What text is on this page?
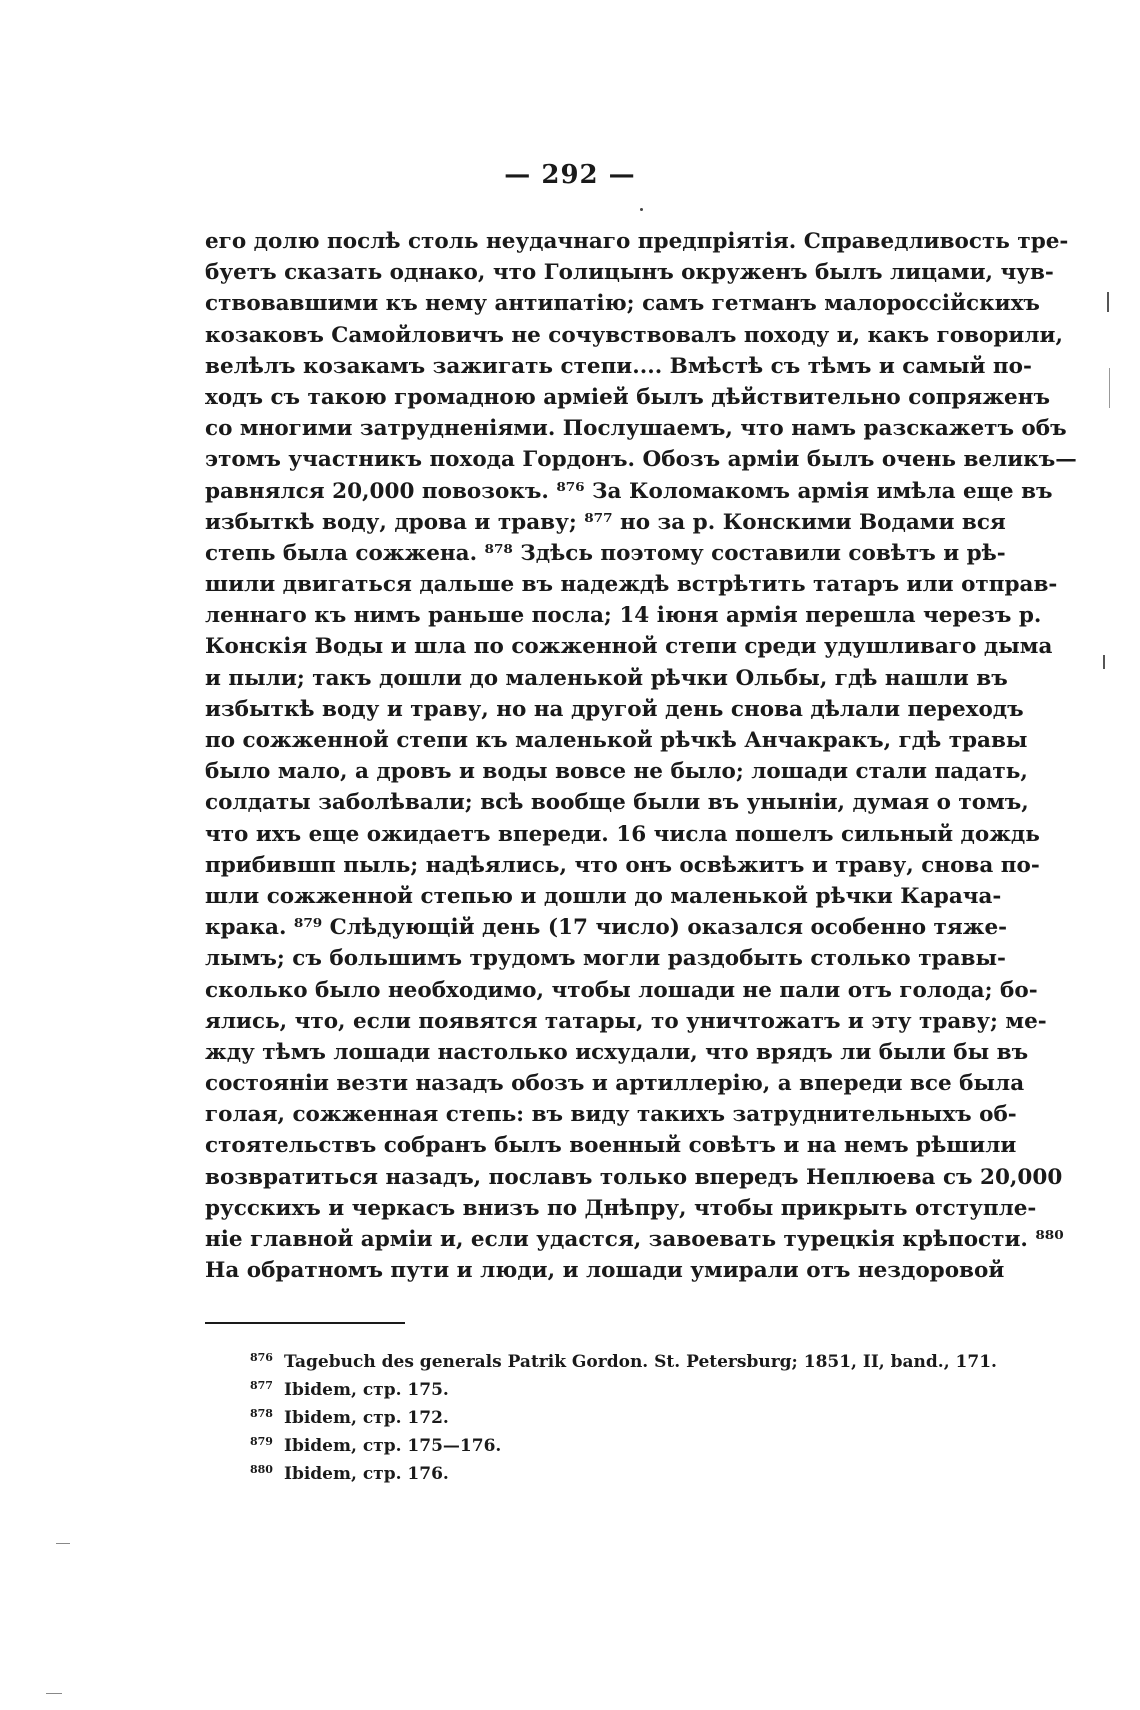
— 292 —
его долю послѣ столь неудачнаго предпріятія. Справедливость тре-
буетъ сказать однако, что Голицынъ окруженъ былъ лицами, чув-
ствовавшими къ нему антипатію; самъ гетманъ малороссійскихъ
козаковъ Самойловичъ не сочувствовалъ походу и, какъ говорили,
велѣлъ козакамъ зажигать степи.... Вмѣстѣ съ тѣмъ и самый по-
ходъ съ такою громадною арміей былъ дѣйствительно сопряженъ
со многими затрудненіями. Послушаемъ, что намъ разскажетъ объ
этомъ участникъ похода Гордонъ. Обозъ арміи былъ очень великъ—
равнялся 20,000 повозокъ. ⁸⁷⁶ За Коломакомъ армія имѣла еще въ
избыткѣ воду, дрова и траву; ⁸⁷⁷ но за р. Конскими Водами вся
степь была сожжена. ⁸⁷⁸ Здѣсь поэтому составили совѣтъ и рѣ-
шили двигаться дальше въ надеждѣ встрѣтить татаръ или отправ-
леннаго къ нимъ раньше посла; 14 іюня армія перешла черезъ р.
Конскія Воды и шла по сожженной степи среди удушливаго дыма
и пыли; такъ дошли до маленькой рѣчки Ольбы, гдѣ нашли въ
избыткѣ воду и траву, но на другой день снова дѣлали переходъ
по сожженной степи къ маленькой рѣчкѣ Анчакракъ, гдѣ травы
было мало, а дровъ и воды вовсе не было; лошади стали падать,
солдаты заболѣвали; всѣ вообще были въ уныніи, думая о томъ,
что ихъ еще ожидаетъ впереди. 16 числа пошелъ сильный дождь
прибившп пыль; надѣялись, что онъ освѣжитъ и траву, снова по-
шли сожженной степью и дошли до маленькой рѣчки Карача-
крака. ⁸⁷⁹ Слѣдующій день (17 число) оказался особенно тяже-
лымъ; съ большимъ трудомъ могли раздобыть столько травы-
сколько было необходимо, чтобы лошади не пали отъ голода; бо-
ялись, что, если появятся татары, то уничтожатъ и эту траву; ме-
жду тѣмъ лошади настолько исхудали, что врядъ ли были бы въ
состояніи везти назадъ обозъ и артиллерію, а впереди все была
голая, сожженная степь: въ виду такихъ затруднительныхъ об-
стоятельствъ собранъ былъ военный совѣтъ и на немъ рѣшили
возвратиться назадъ, пославъ только впередъ Неплюева съ 20,000
русскихъ и черкасъ внизъ по Днѣпру, чтобы прикрыть отступле-
ніе главной арміи и, если удастся, завоевать турецкія крѣпости. ⁸⁸⁰
На обратномъ пути и люди, и лошади умирали отъ нездоровой
876 Tagebuch des generals Patrik Gordon. St. Petersburg; 1851, II, band., 171.
877 Ibidem, стр. 175.
878 Ibidem, стр. 172.
879 Ibidem, стр. 175—176.
880 Ibidem, стр. 176.
